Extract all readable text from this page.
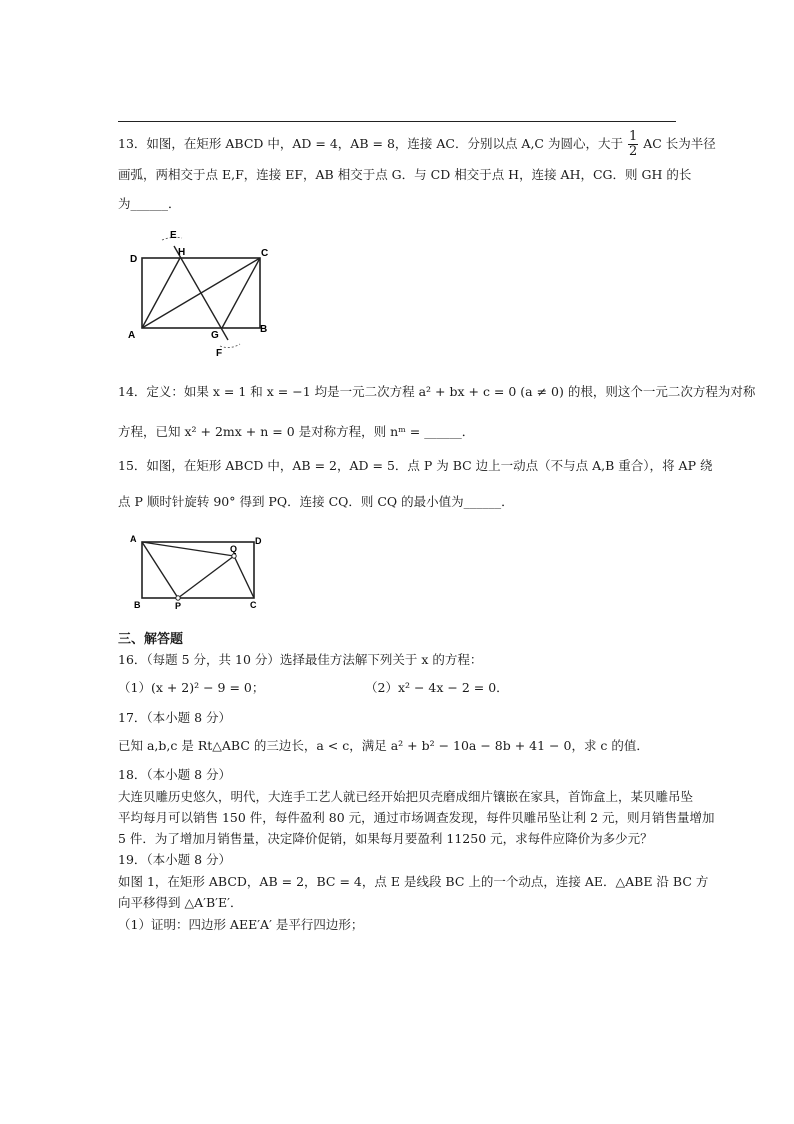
13．如图，在矩形 ABCD 中，AD = 4，AB = 8，连接 AC．分别以点 A,C 为圆心，大于 $\frac{1}{2}$ AC 长为半径
画弧，两相交于点 E,F，连接 EF，AB 相交于点 G．与 CD 相交于点 H，连接 AH，CG．则 GH 的长
为______．
D
C
A
B
E
H
G
F
14．定义：如果 x = 1 和 x = −1 均是一元二次方程 a² + bx + c = 0 (a ≠ 0) 的根，则这个一元二次方程为对称
方程，已知 x² + 2mx + n = 0 是对称方程，则 nᵐ = ______．
15．如图，在矩形 ABCD 中，AB = 2，AD = 5．点 P 为 BC 边上一动点（不与点 A,B 重合），将 AP 绕
点 P 顺时针旋转 90° 得到 PQ．连接 CQ．则 CQ 的最小值为______．
A	D
B	C
P
Q
三、解答题
16．（每题 5 分，共 10 分）选择最佳方法解下列关于 x 的方程：
（1）(x + 2)² − 9 = 0；	（2）x² − 4x − 2 = 0．
17．（本小题 8 分）
已知 a,b,c 是 Rt△ABC 的三边长，a < c，满足 a² + b² − 10a − 8b + 41 − 0，求 c 的值．
18．（本小题 8 分）
大连贝雕历史悠久，明代，大连手工艺人就已经开始把贝壳磨成细片镶嵌在家具，首饰盒上，某贝雕吊坠
平均每月可以销售 150 件，每件盈利 80 元，通过市场调查发现，每件贝雕吊坠让利 2 元，则月销售量增加
5 件．为了增加月销售量，决定降价促销，如果每月要盈利 11250 元，求每件应降价为多少元？
19．（本小题 8 分）
如图 1，在矩形 ABCD，AB = 2，BC = 4，点 E 是线段 BC 上的一个动点，连接 AE．△ABE 沿 BC 方
向平移得到 △A′B′E′．
（1）证明：四边形 AEE′A′ 是平行四边形；
